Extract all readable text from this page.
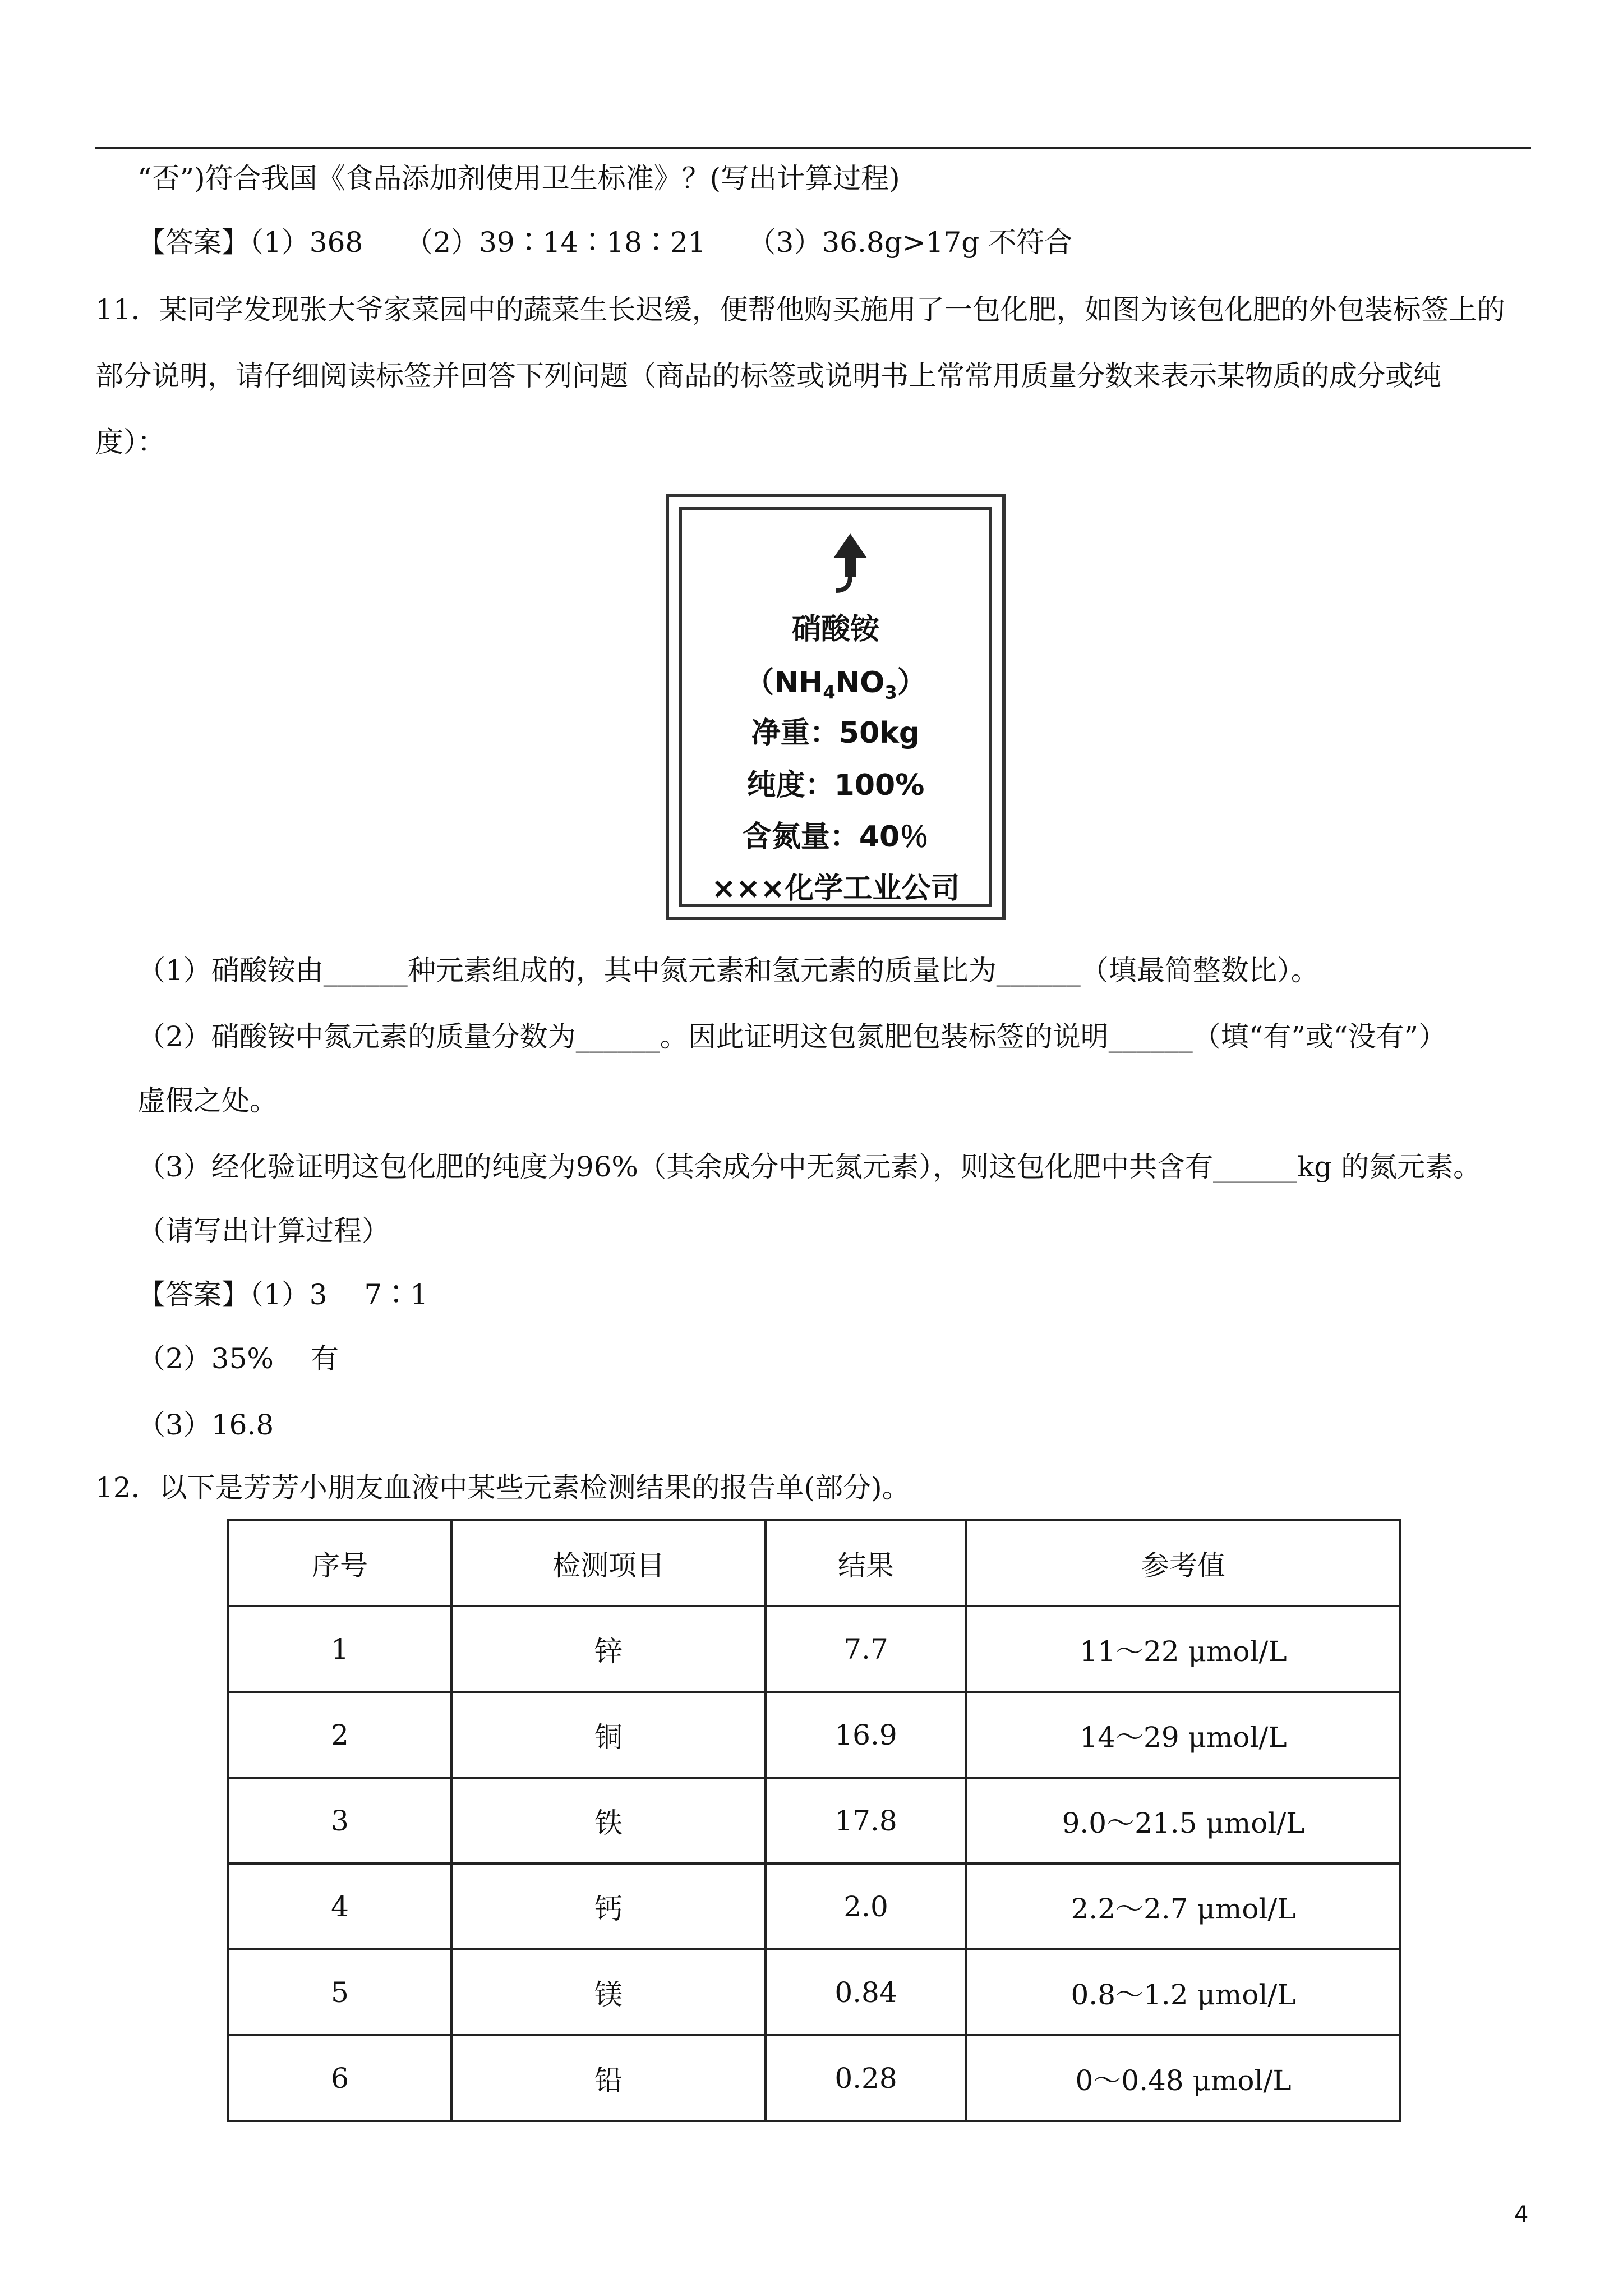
“否”)符合我国《食品添加剂使用卫生标准》？(写出计算过程)
【答案】（1）368　　（2）39∶14∶18∶21　　（3）36.8g>17g 不符合
11．某同学发现张大爷家菜园中的蔬菜生长迟缓，便帮他购买施用了一包化肥，如图为该包化肥的外包装标签上的
部分说明，请仔细阅读标签并回答下列问题（商品的标签或说明书上常常用质量分数来表示某物质的成分或纯
度）：
硝酸铵
$(NH_4NO_3)$
净重：50kg
纯度：100%
含氮量：40％
×××化学工业公司
（1）硝酸铵由______种元素组成的，其中氮元素和氢元素的质量比为______（填最简整数比）。
（2）硝酸铵中氮元素的质量分数为______。因此证明这包氮肥包装标签的说明______（填“有”或“没有”）
虚假之处。
（3）经化验证明这包化肥的纯度为96%（其余成分中无氮元素），则这包化肥中共含有______kg 的氮元素。
（请写出计算过程）
【答案】（1）3　 7∶1
（2）35%　 有
（3）16.8
12．以下是芳芳小朋友血液中某些元素检测结果的报告单(部分)。
序号	检测项目	结果	参考值
1	锌	7.7	11～22 μmol/L
2	铜	16.9	14～29 μmol/L
3	铁	17.8	9.0～21.5 μmol/L
4	钙	2.0	2.2～2.7 μmol/L
5	镁	0.84	0.8～1.2 μmol/L
6	铅	0.28	0～0.48 μmol/L
4
